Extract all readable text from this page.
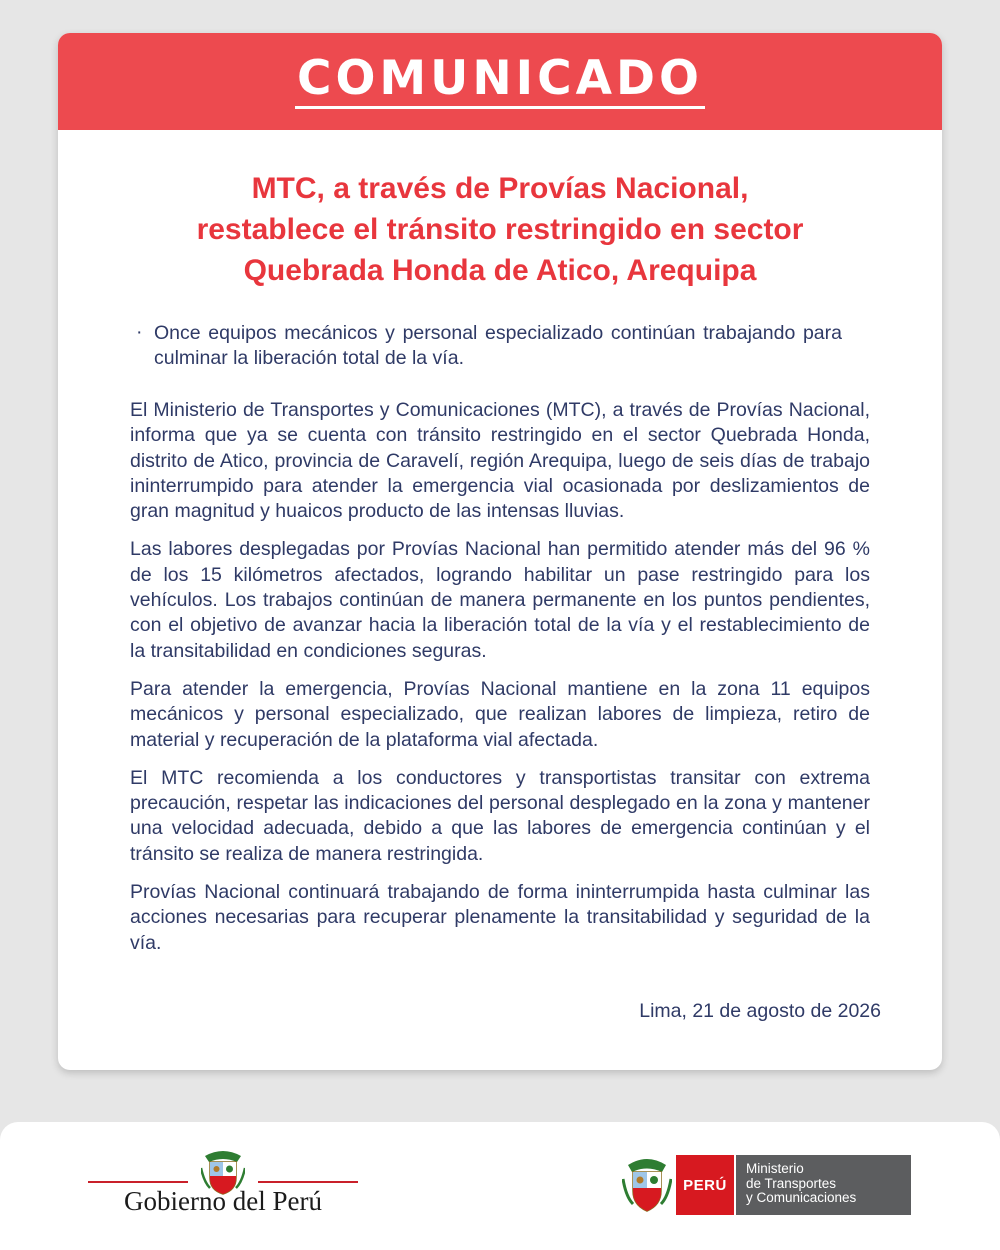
COMUNICADO
MTC, a través de Provías Nacional,
restablece el tránsito restringido en sector
Quebrada Honda de Atico, Arequipa
· Once equipos mecánicos y personal especializado continúan trabajando para culminar la liberación total de la vía.

El Ministerio de Transportes y Comunicaciones (MTC), a través de Provías Nacional, informa que ya se cuenta con tránsito restringido en el sector Quebrada Honda, distrito de Atico, provincia de Caravelí, región Arequipa, luego de seis días de trabajo ininterrumpido para atender la emergencia vial ocasionada por deslizamientos de gran magnitud y huaicos producto de las intensas lluvias.

Las labores desplegadas por Provías Nacional han permitido atender más del 96 % de los 15 kilómetros afectados, logrando habilitar un pase restringido para los vehículos. Los trabajos continúan de manera permanente en los puntos pendientes, con el objetivo de avanzar hacia la liberación total de la vía y el restablecimiento de la transitabilidad en condiciones seguras.

Para atender la emergencia, Provías Nacional mantiene en la zona 11 equipos mecánicos y personal especializado, que realizan labores de limpieza, retiro de material y recuperación de la plataforma vial afectada.

El MTC recomienda a los conductores y transportistas transitar con extrema precaución, respetar las indicaciones del personal desplegado en la zona y mantener una velocidad adecuada, debido a que las labores de emergencia continúan y el tránsito se realiza de manera restringida.

Provías Nacional continuará trabajando de forma ininterrumpida hasta culminar las acciones necesarias para recuperar plenamente la transitabilidad y seguridad de la vía.

Lima, 21 de agosto de 2026
Gobierno del Perú
PERÚ
Ministerio
de Transportes
y Comunicaciones
